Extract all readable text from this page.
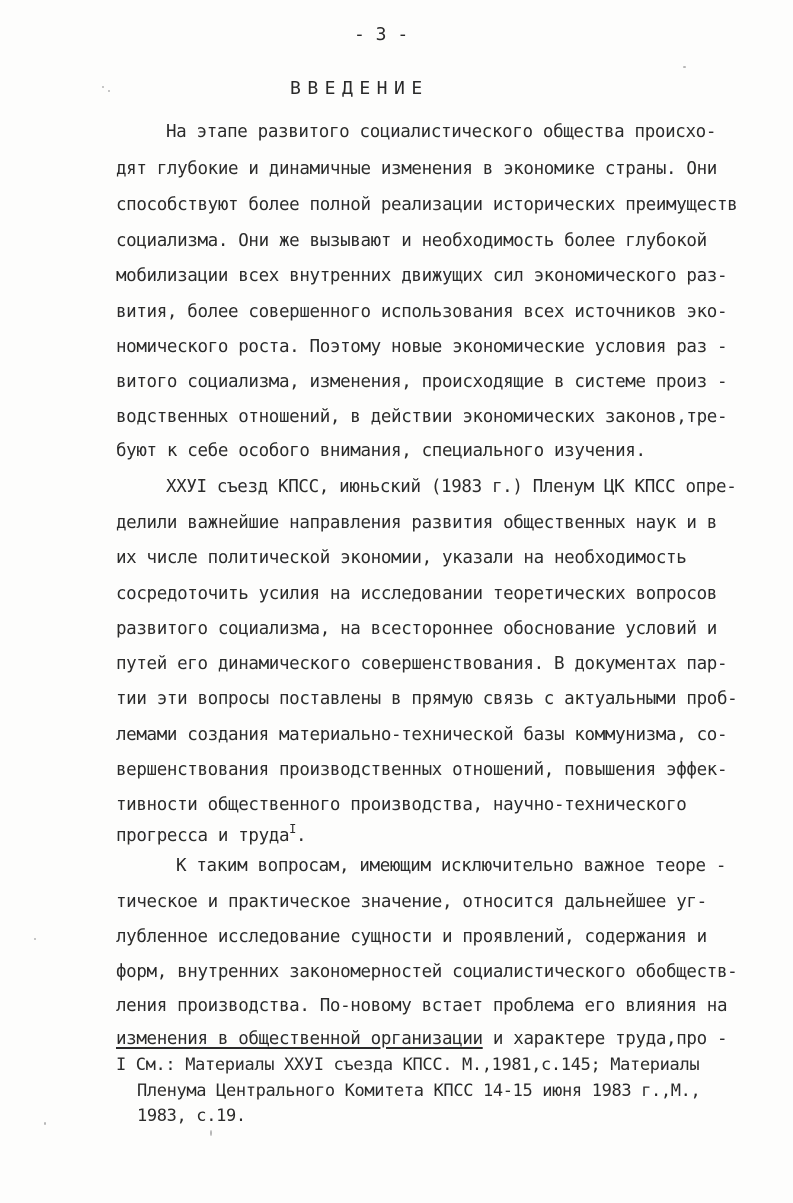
- 3 -
ВВЕДЕНИЕ
На этапе развитого социалистического общества происхо-
дят глубокие и динамичные изменения в экономике страны. Они
способствуют более полной реализации исторических преимуществ
социализма. Они же вызывают и необходимость более глубокой
мобилизации всех внутренних движущих сил экономического раз-
вития, более совершенного использования всех источников эко-
номического роста. Поэтому новые экономические условия раз -
витого социализма, изменения, происходящие в системе произ -
водственных отношений, в действии экономических законов,тре-
буют к себе особого внимания, специального изучения.
ХХУI съезд КПСС, июньский (1983 г.) Пленум ЦК КПСС опре-
делили важнейшие направления развития общественных наук и в
их числе политической экономии, указали на необходимость
сосредоточить усилия на исследовании теоретических вопросов
развитого социализма, на всестороннее обоснование условий и
путей его динамического совершенствования. В документах пар-
тии эти вопросы поставлены в прямую связь с актуальными проб-
лемами создания материально-технической базы коммунизма, со-
вершенствования производственных отношений, повышения эффек-
тивности общественного производства, научно-технического
прогресса и труда$^I$.
К таким вопросам, имеющим исключительно важное теоре -
тическое и практическое значение, относится дальнейшее уг-
лубленное исследование сущности и проявлений, содержания и
форм, внутренних закономерностей социалистического обобществ-
ления производства. По-новому встает проблема его влияния на
изменения в общественной организации и характере труда,про -
I См.: Материалы ХХУI съезда КПСС. М.,1981,с.145; Материалы
Пленума Центрального Комитета КПСС 14-15 июня 1983 г.,М.,
1983, с.19.
